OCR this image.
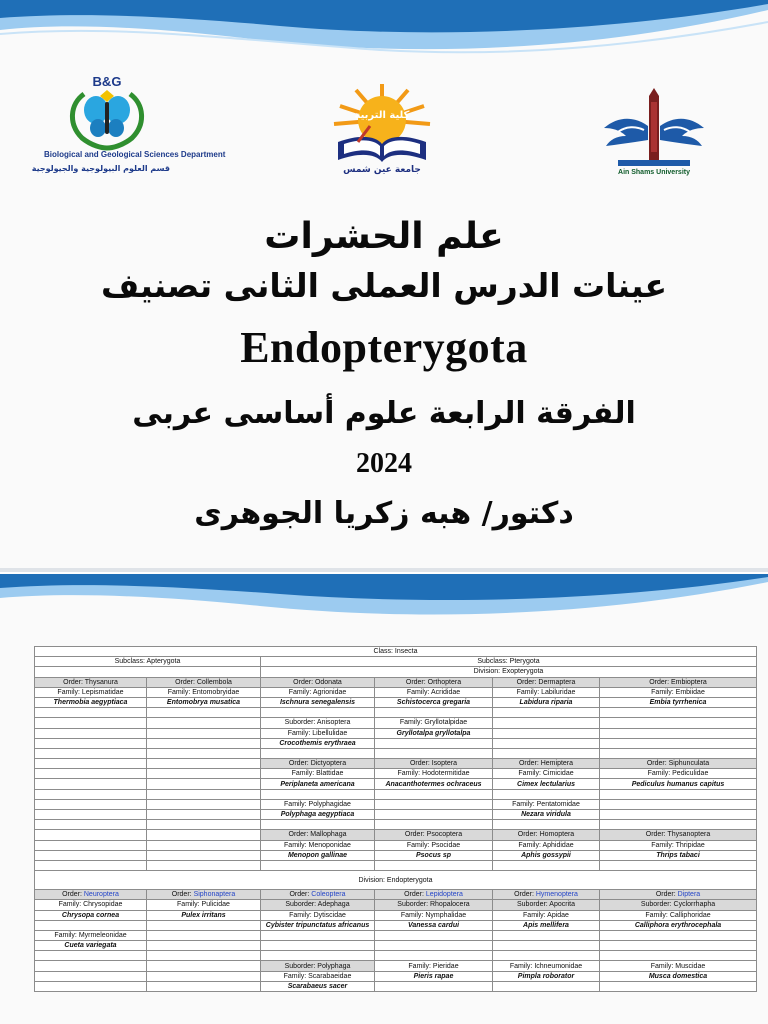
B&G
Biological and Geological Sciences Department
قسم العلوم البيولوجية والجيولوجية
كلية التربية
جامعة عين شمس	Ain Shams University
علم الحشرات
عينات الدرس العملى الثانى تصنيف
Endopterygota
الفرقة الرابعة علوم أساسى عربى
2024
دكتور/ هبه زكريا الجوهرى
Class: Insecta					
Subclass: Apterygota		Subclass: Pterygota			
		Division: Exopterygota			
Order: Thysanura	Order: Collembola	Order: Odonata	Order: Orthoptera	Order: Dermaptera	Order: Embioptera
Family: Lepismatidae	Family: Entomobryidae	Family: Agrionidae	Family: Acrididae	Family: Labiluridae	Family: Embiidae
Thermobia aegyptiaca	Entomobrya musatica	Ischnura senegalensis	Schistocerca gregaria	Labidura riparia	Embia tyrrhenica

		Suborder: Anisoptera	Family: Gryllotalpidae		
		Family: Libellulidae	Gryllotalpa gryllotalpa		
		Crocothemis erythraea			

		Order: Dictyoptera	Order: Isoptera	Order: Hemiptera	Order: Siphunculata
		Family: Blattidae	Family: Hodotermitidae	Family: Cimicidae	Family: Pediculidae
		Periplaneta americana	Anacanthotermes ochraceus	Cimex lectularius	Pediculus humanus capitus

		Family: Polyphagidae		Family: Pentatomidae	
		Polyphaga aegyptiaca		Nezara viridula	

		Order: Mallophaga	Order: Psocoptera	Order: Homoptera	Order: Thysanoptera
		Family: Menoponidae	Family: Psocidae	Family: Aphididae	Family: Thripidae
		Menopon gallinae	Psocus sp	Aphis gossypii	Thrips tabaci

Division: Endopterygota					
Order: Neuroptera	Order: Siphonaptera	Order: Coleoptera	Order: Lepidoptera	Order: Hymenoptera	Order: Diptera
Family: Chrysopidae	Family: Pulicidae	Suborder: Adephaga	Suborder: Rhopalocera	Suborder: Apocrita	Suborder: Cyclorrhapha
Chrysopa cornea	Pulex irritans	Family: Dytiscidae	Family: Nymphalidae	Family: Apidae	Family: Calliphoridae
		Cybister tripunctatus africanus	Vanessa cardui	Apis mellifera	Calliphora erythrocephala
Family: Myrmeleonidae					
Cueta variegata					

		Suborder: Polyphaga	Family: Pieridae	Family: Ichneumonidae	Family: Muscidae
		Family: Scarabaeidae	Pieris rapae	Pimpla roborator	Musca domestica
		Scarabaeus sacer			
